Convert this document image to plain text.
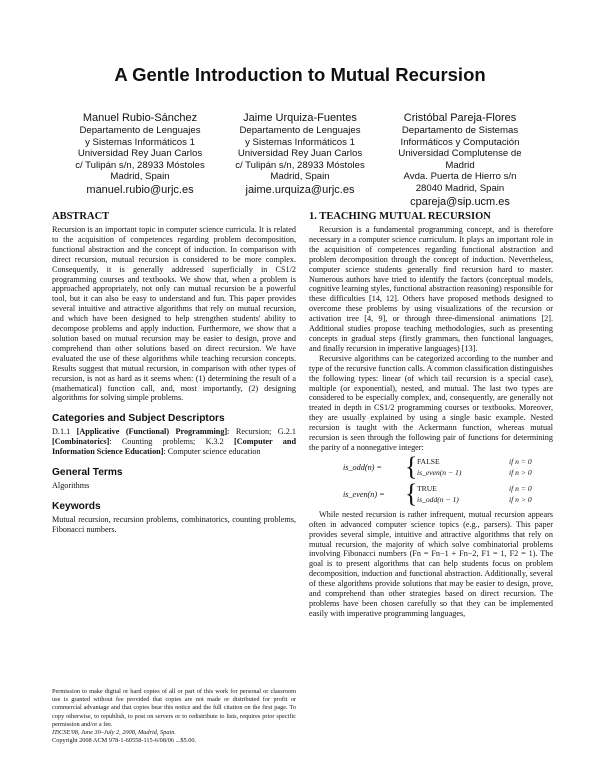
A Gentle Introduction to Mutual Recursion
Manuel Rubio-Sánchez
Departamento de Lenguajes
y Sistemas Informáticos 1
Universidad Rey Juan Carlos
c/ Tulipán s/n, 28933 Móstoles
Madrid, Spain
manuel.rubio@urjc.es
Jaime Urquiza-Fuentes
Departamento de Lenguajes
y Sistemas Informáticos 1
Universidad Rey Juan Carlos
c/ Tulipán s/n, 28933 Móstoles
Madrid, Spain
jaime.urquiza@urjc.es
Cristóbal Pareja-Flores
Departamento de Sistemas
Informáticos y Computación
Universidad Complutense de
Madrid
Avda. Puerta de Hierro s/n
28040 Madrid, Spain
cpareja@sip.ucm.es
ABSTRACT

Recursion is an important topic in computer science curricula. It is related to the acquisition of competences regarding problem decomposition, functional abstraction and the concept of induction. In comparison with direct recursion, mutual recursion is considered to be more complex. Consequently, it is generally addressed superficially in CS1/2 programming courses and textbooks. We show that, when a problem is approached appropriately, not only can mutual recursion be a powerful tool, but it can also be easy to understand and fun. This paper provides several intuitive and attractive algorithms that rely on mutual recursion, and which have been designed to help strengthen students' ability to decompose problems and apply induction. Furthermore, we show that a solution based on mutual recursion may be easier to design, prove and comprehend than other solutions based on direct recursion. We have evaluated the use of these algorithms while teaching recursion concepts. Results suggest that mutual recursion, in comparison with other types of recursion, is not as hard as it seems when: (1) determining the result of a (mathematical) function call, and, most importantly, (2) designing algorithms for solving simple problems.

Categories and Subject Descriptors

D.1.1 [Applicative (Functional) Programming]: Recursion; G.2.1 [Combinatorics]: Counting problems; K.3.2 [Computer and Information Science Education]: Computer science education

General Terms

Algorithms

Keywords

Mutual recursion, recursion problems, combinatorics, counting problems, Fibonacci numbers.

Permission to make digital or hard copies of all or part of this work for personal or classroom use is granted without fee provided that copies are not made or distributed for profit or commercial advantage and that copies bear this notice and the full citation on the first page. To copy otherwise, to republish, to post on servers or to redistribute to lists, requires prior specific permission and/or a fee.

ITiCSE'08, June 30–July 2, 2008, Madrid, Spain.

Copyright 2008 ACM 978-1-60558-115-6/08/06 ...$5.00.

1. TEACHING MUTUAL RECURSION

Recursion is a fundamental programming concept, and is therefore necessary in a computer science curriculum. It plays an important role in the acquisition of competences regarding functional abstraction and problem decomposition through the concept of induction. Nevertheless, computer science students generally find recursion hard to master. Numerous authors have tried to identify the factors (conceptual models, cognitive learning styles, functional abstraction reasoning) responsible for these difficulties [14, 12]. Others have proposed methods designed to overcome these problems by using visualizations of the recursion or activation tree [4, 9], or through three-dimensional animations [2]. Additional studies propose teaching methodologies, such as presenting concepts in gradual steps (firstly grammars, then functional languages, and finally recursion in imperative languages) [13].

Recursive algorithms can be categorized according to the number and type of the recursive function calls. A common classification distinguishes the following types: linear (of which tail recursion is a special case), multiple (or exponential), nested, and mutual. The last two types are considered to be especially complex, and, consequently, are generally not treated in depth in CS1/2 programming courses or textbooks. Moreover, they are usually explained by using a single basic example. Nested recursion is taught with the Ackermann function, whereas mutual recursion is seen through the following pair of functions for determining the parity of a nonnegative integer:

is_odd(n) = { FALSE	if n = 0
is_even(n − 1)	if n > 0
is_even(n) = { TRUE	if n = 0
is_odd(n − 1)	if n > 0

While nested recursion is rather infrequent, mutual recursion appears often in advanced computer science topics (e.g., parsers). This paper provides several simple, intuitive and attractive algorithms that rely on mutual recursion, the majority of which solve combinatorial problems involving Fibonacci numbers (Fn = Fn−1 + Fn−2, F1 = 1, F2 = 1). The goal is to present algorithms that can help students focus on problem decomposition, induction and functional abstraction. Additionally, several of these algorithms provide solutions that may be easier to design, prove, and comprehend than other strategies based on direct recursion. The problems have been chosen carefully so that they can be implemented easily with imperative programming languages,
